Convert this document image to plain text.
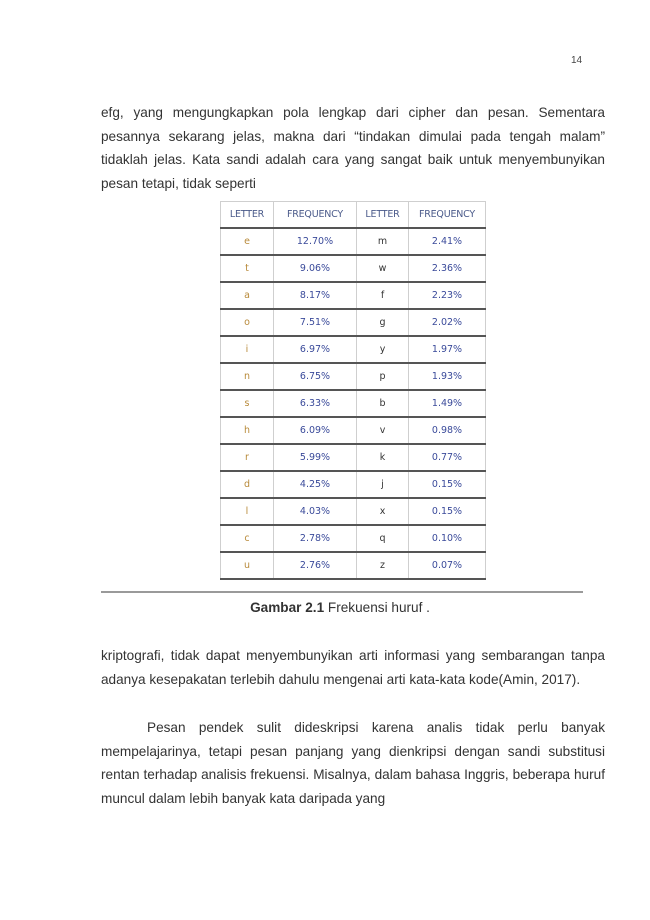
14

efg, yang mengungkapkan pola lengkap dari cipher dan pesan. Sementara pesannya sekarang jelas, makna dari “tindakan dimulai pada tengah malam” tidaklah jelas. Kata sandi adalah cara yang sangat baik untuk menyembunyikan pesan tetapi, tidak seperti

LETTER	FREQUENCY	LETTER	FREQUENCY
e	12.70%	m	2.41%
t	9.06%	w	2.36%
a	8.17%	f	2.23%
o	7.51%	g	2.02%
i	6.97%	y	1.97%
n	6.75%	p	1.93%
s	6.33%	b	1.49%
h	6.09%	v	0.98%
r	5.99%	k	0.77%
d	4.25%	j	0.15%
l	4.03%	x	0.15%
c	2.78%	q	0.10%
u	2.76%	z	0.07%
Gambar 2.1 Frekuensi huruf .

kriptografi, tidak dapat menyembunyikan arti informasi yang sembarangan tanpa adanya kesepakatan terlebih dahulu mengenai arti kata-kata kode(Amin, 2017).

Pesan pendek sulit dideskripsi karena analis tidak perlu banyak mempelajarinya, tetapi pesan panjang yang dienkripsi dengan sandi substitusi rentan terhadap analisis frekuensi. Misalnya, dalam bahasa Inggris, beberapa huruf muncul dalam lebih banyak kata daripada yang
